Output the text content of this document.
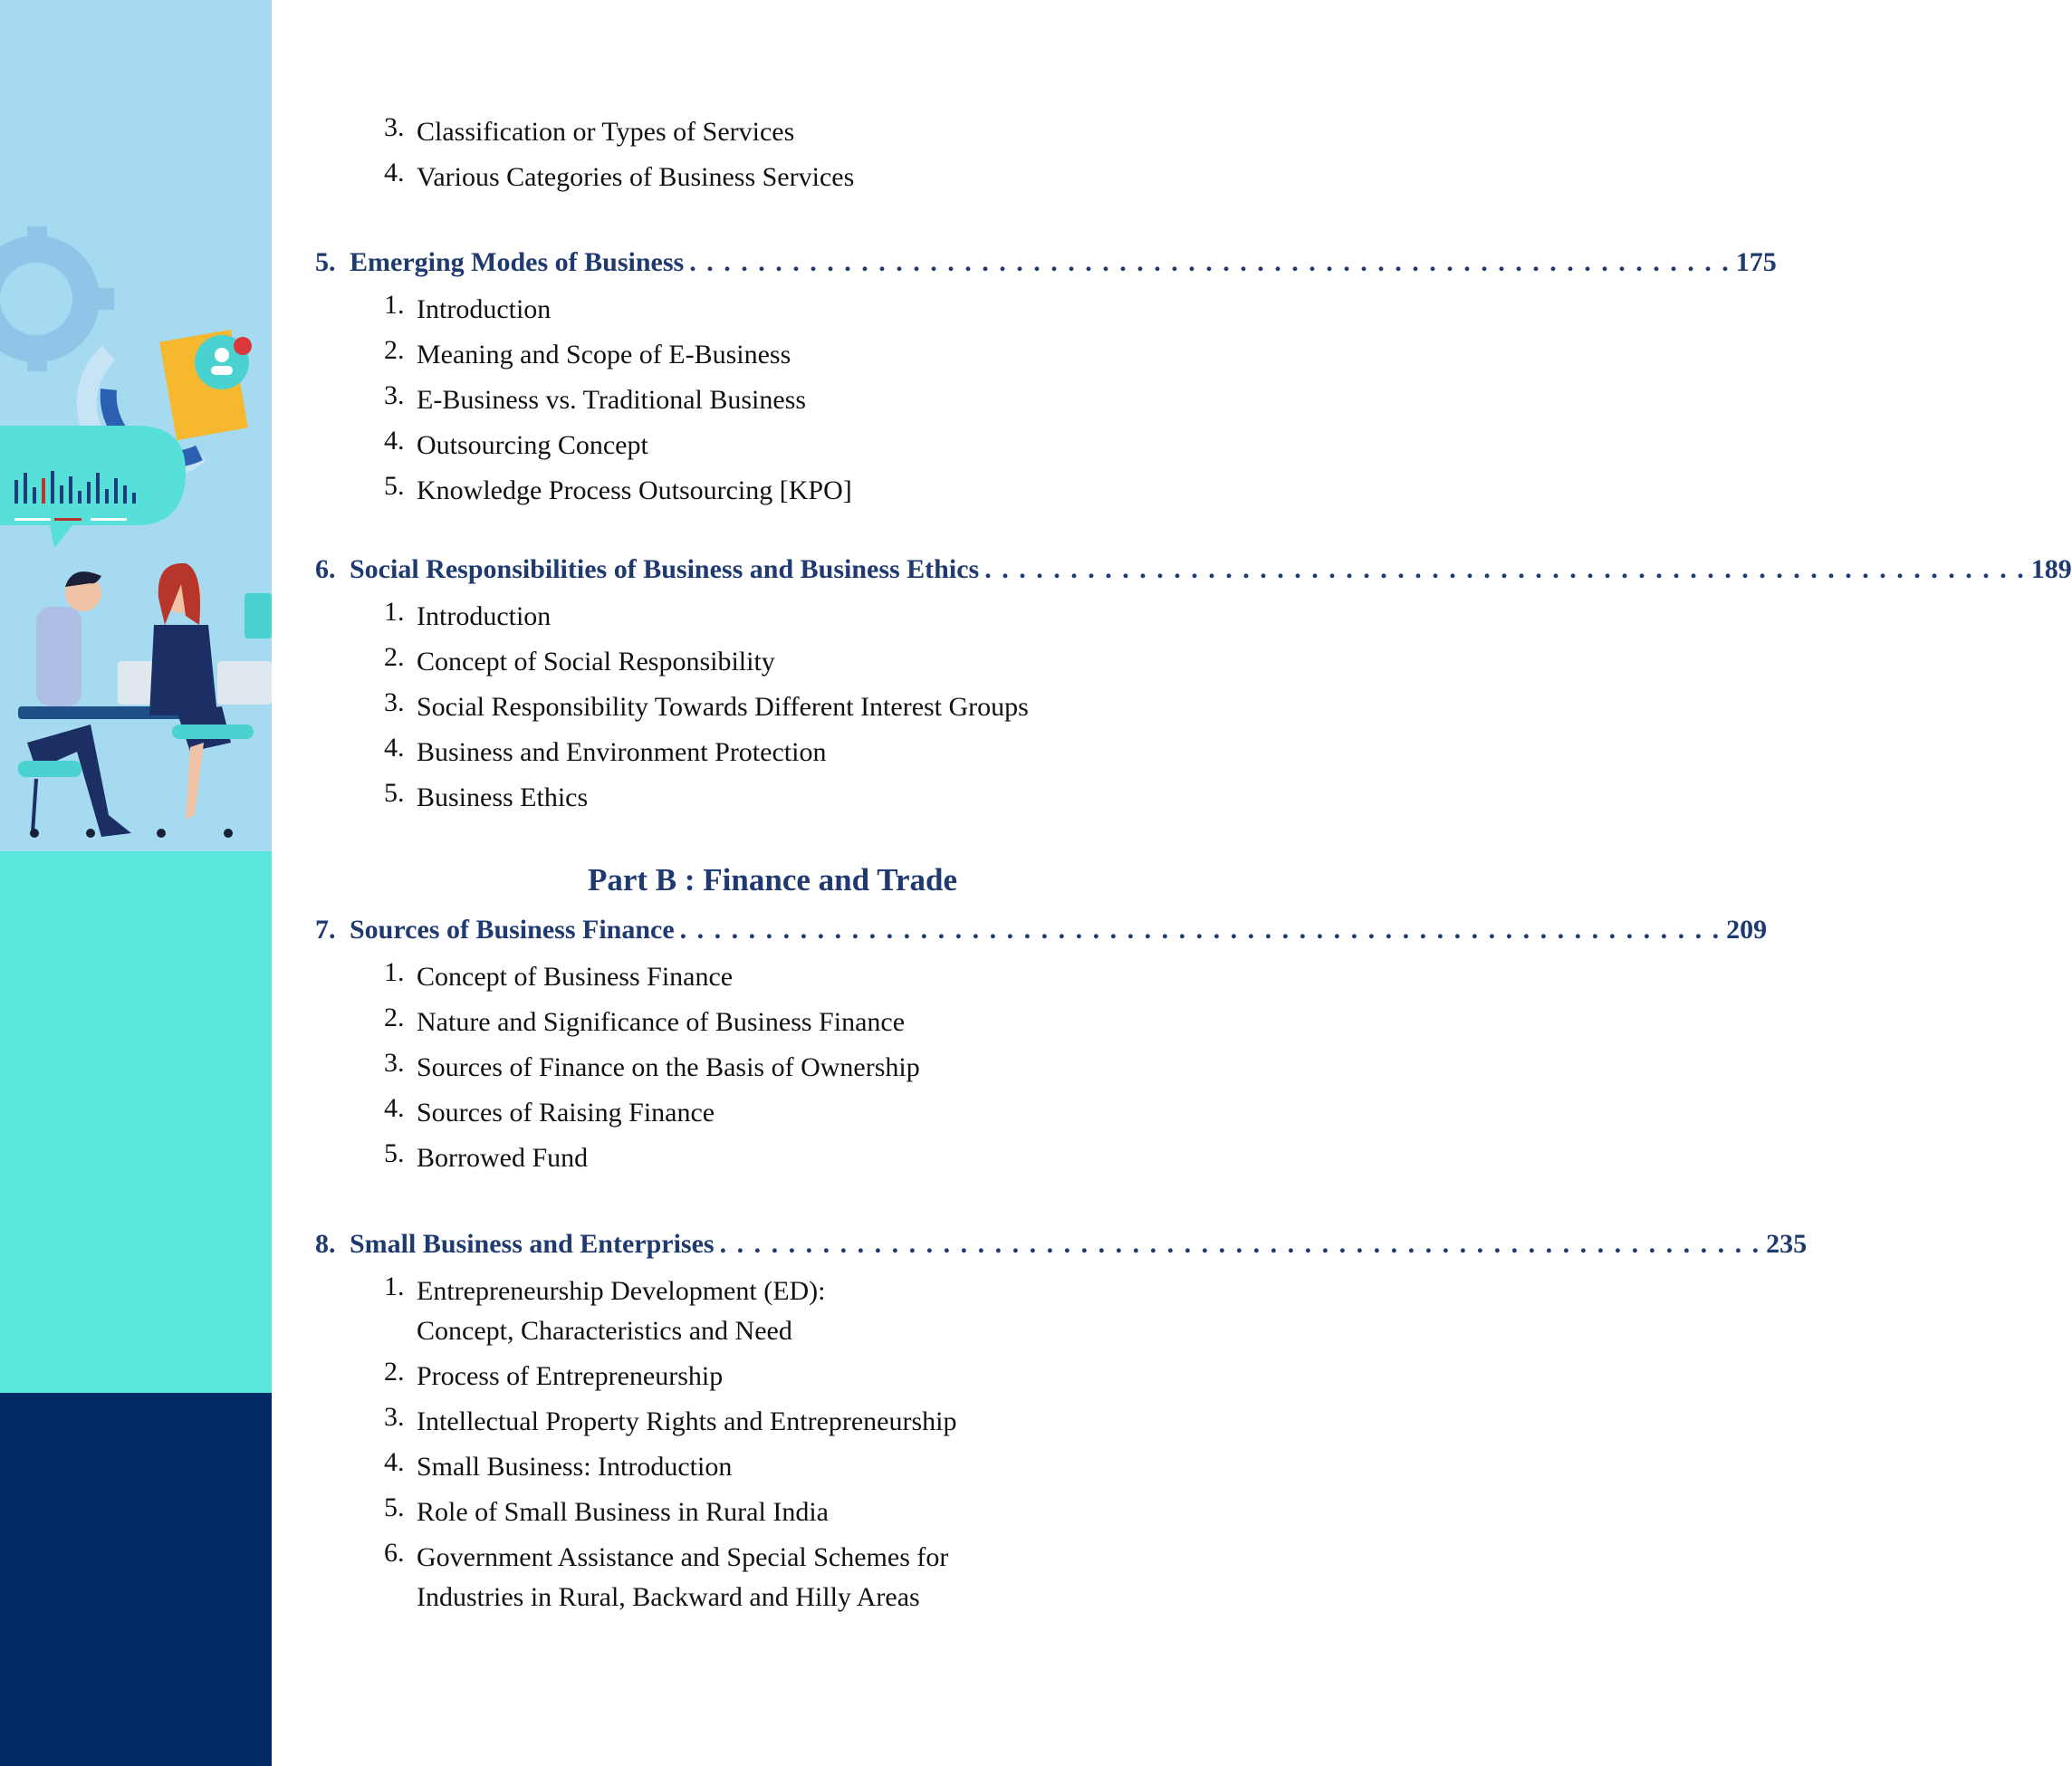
3. Classification or Types of Services
4. Various Categories of Business Services
5. Emerging Modes of Business . . . . . . . . . . . . . . . . . . . . . . . . . . . . . . . . . . . . . . . . . . . . . . . . . . . . . . . . . . . . . 175
1. Introduction
2. Meaning and Scope of E-Business
3. E-Business vs. Traditional Business
4. Outsourcing Concept
5. Knowledge Process Outsourcing [KPO]
6. Social Responsibilities of Business and Business Ethics . . . . . . . . . . . . . . . . . . . . . . . . . . . . . . . . . . . . . . . . . . . . . . . . . . . . . . . . . . . . . 189
1. Introduction
2. Concept of Social Responsibility
3. Social Responsibility Towards Different Interest Groups
4. Business and Environment Protection
5. Business Ethics
Part B : Finance and Trade
7. Sources of Business Finance . . . . . . . . . . . . . . . . . . . . . . . . . . . . . . . . . . . . . . . . . . . . . . . . . . . . . . . . . . . . . 209
1. Concept of Business Finance
2. Nature and Significance of Business Finance
3. Sources of Finance on the Basis of Ownership
4. Sources of Raising Finance
5. Borrowed Fund
8. Small Business and Enterprises . . . . . . . . . . . . . . . . . . . . . . . . . . . . . . . . . . . . . . . . . . . . . . . . . . . . . . . . . . . . . 235
1. Entrepreneurship Development (ED):
Concept, Characteristics and Need
2. Process of Entrepreneurship
3. Intellectual Property Rights and Entrepreneurship
4. Small Business: Introduction
5. Role of Small Business in Rural India
6. Government Assistance and Special Schemes for
Industries in Rural, Backward and Hilly Areas
